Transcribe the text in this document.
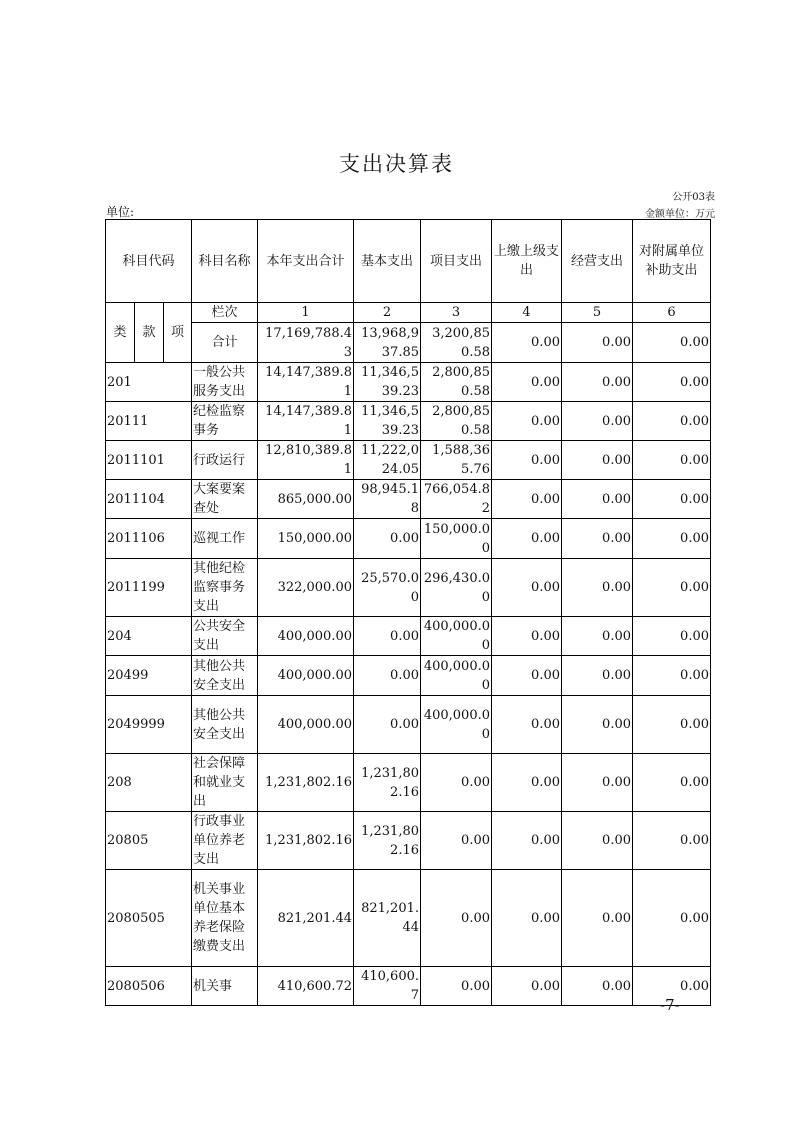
支出决算表
公开03表
单位:	金额单位：万元
科目代码			科目名称	本年支出合计	基本支出	项目支出	上缴上级支出	经营支出	对附属单位补助支出
类	款	项	栏次	1	2	3	4	5	6
			合计	17,169,788.43	13,968,937.85	3,200,850.58	0.00	0.00	0.00
201			一般公共服务支出	14,147,389.81	11,346,539.23	2,800,850.58	0.00	0.00	0.00
20111			纪检监察事务	14,147,389.81	11,346,539.23	2,800,850.58	0.00	0.00	0.00
2011101			行政运行	12,810,389.81	11,222,024.05	1,588,365.76	0.00	0.00	0.00
2011104			大案要案查处	865,000.00	98,945.18	766,054.82	0.00	0.00	0.00
2011106			巡视工作	150,000.00	0.00	150,000.00	0.00	0.00	0.00
2011199			其他纪检监察事务支出	322,000.00	25,570.00	296,430.00	0.00	0.00	0.00
204			公共安全支出	400,000.00	0.00	400,000.00	0.00	0.00	0.00
20499			其他公共安全支出	400,000.00	0.00	400,000.00	0.00	0.00	0.00
2049999			其他公共安全支出	400,000.00	0.00	400,000.00	0.00	0.00	0.00
208			社会保障和就业支出	1,231,802.16	1,231,802.16	0.00	0.00	0.00	0.00
20805			行政事业单位养老支出	1,231,802.16	1,231,802.16	0.00	0.00	0.00	0.00
2080505			机关事业单位基本养老保险缴费支出	821,201.44	821,201.44	0.00	0.00	0.00	0.00
2080506			机关事	410,600.72	410,600.7	0.00	0.00	0.00	0.00
-7-
